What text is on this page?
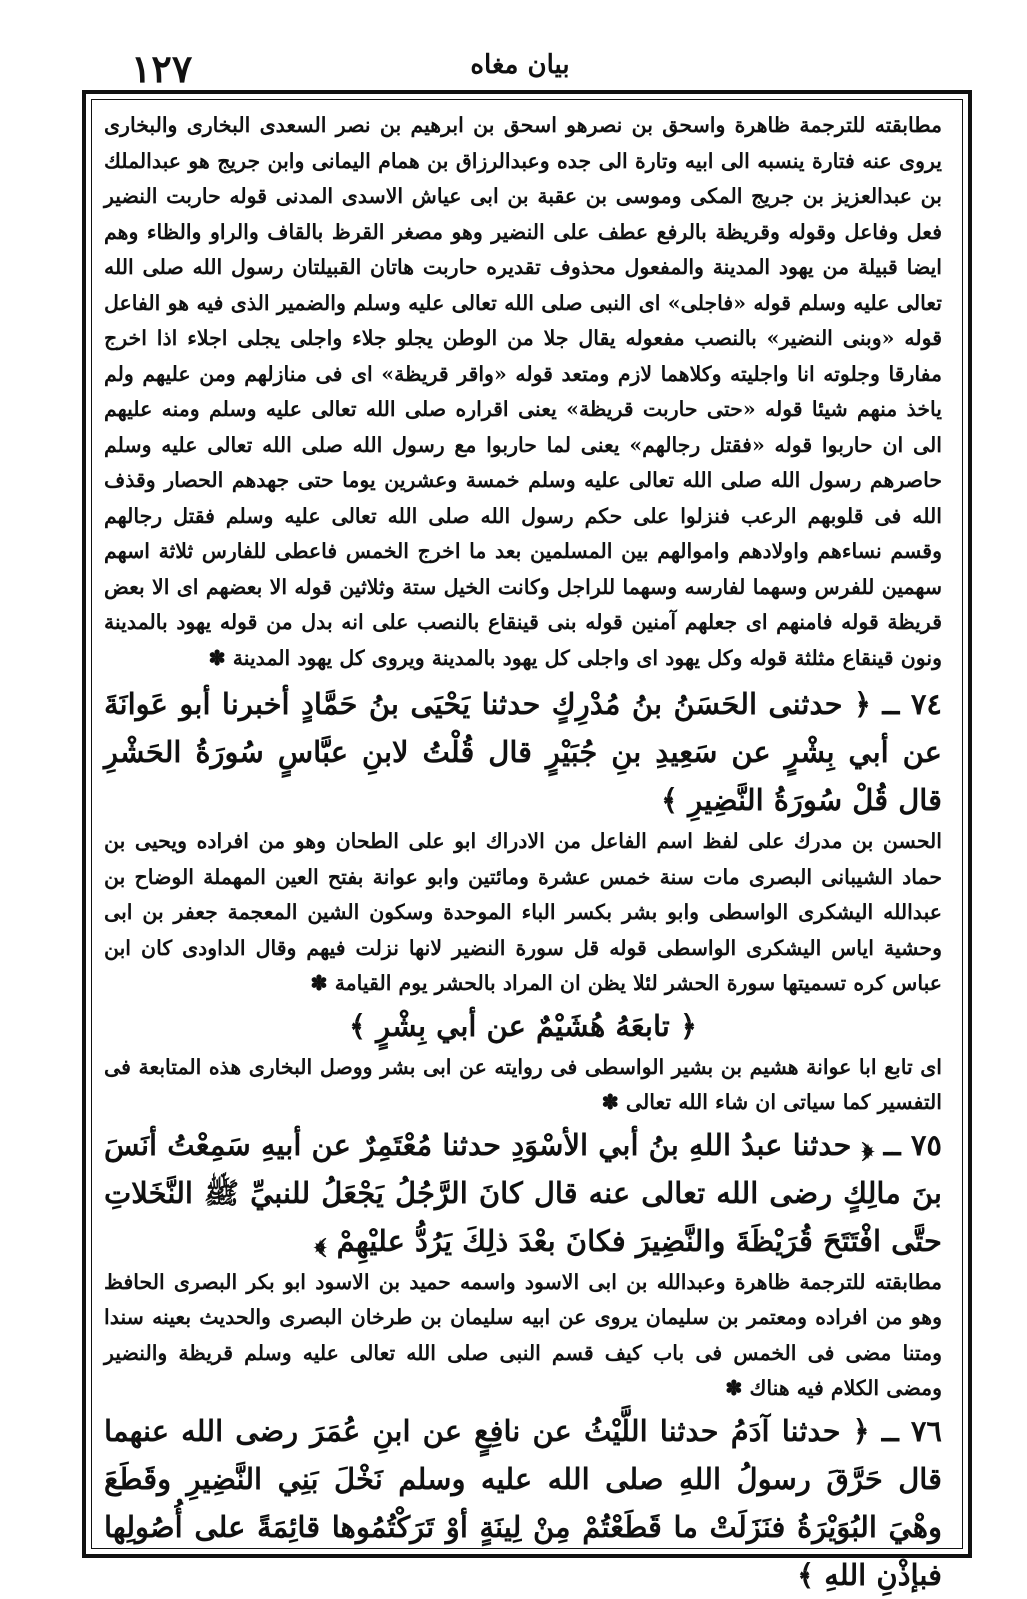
١٢٧	بيان مغاه

مطابقته للترجمة ظاهرة واسحق بن نصرهو اسحق بن ابرهيم بن نصر السعدى البخارى والبخارى يروى عنه فتارة ينسبه الى ابيه وتارة الى جده وعبدالرزاق بن همام اليمانى وابن جريج هو عبدالملك بن عبدالعزيز بن جريج المكى وموسى بن عقبة بن ابى عياش الاسدى المدنى قوله حاربت النضير فعل وفاعل وقوله وقريظة بالرفع عطف على النضير وهو مصغر القرظ بالقاف والراو والظاء وهم ايضا قبيلة من يهود المدينة والمفعول محذوف تقديره حاربت هاتان القبيلتان رسول الله صلى الله تعالى عليه وسلم قوله «فاجلى» اى النبى صلى الله تعالى عليه وسلم والضمير الذى فيه هو الفاعل قوله «وبنى النضير» بالنصب مفعوله يقال جلا من الوطن يجلو جلاء واجلى يجلى اجلاء اذا اخرج مفارقا وجلوته انا واجليته وكلاهما لازم ومتعد قوله «واقر قريظة» اى فى منازلهم ومن عليهم ولم ياخذ منهم شيئا قوله «حتى حاربت قريظة» يعنى اقراره صلى الله تعالى عليه وسلم ومنه عليهم الى ان حاربوا قوله «فقتل رجالهم» يعنى لما حاربوا مع رسول الله صلى الله تعالى عليه وسلم حاصرهم رسول الله صلى الله تعالى عليه وسلم خمسة وعشرين يوما حتى جهدهم الحصار وقذف الله فى قلوبهم الرعب فنزلوا على حكم رسول الله صلى الله تعالى عليه وسلم فقتل رجالهم وقسم نساءهم واولادهم واموالهم بين المسلمين بعد ما اخرج الخمس فاعطى للفارس ثلاثة اسهم سهمين للفرس وسهما لفارسه وسهما للراجل وكانت الخيل ستة وثلاثين قوله الا بعضهم اى الا بعض قريظة قوله فامنهم اى جعلهم آمنين قوله بنى قينقاع بالنصب على انه بدل من قوله يهود بالمدينة ونون قينقاع مثلثة قوله وكل يهود اى واجلى كل يهود بالمدينة ويروى كل يهود المدينة ✽

٧٤ ــ ﴿ حدثنى الحَسَنُ بنُ مُدْرِكٍ حدثنا يَحْيَى بنُ حَمَّادٍ أخبرنا أبو عَوانَةَ عن أبي بِشْرٍ عن سَعِيدِ بنِ جُبَيْرٍ قال قُلْتُ لابنِ عبَّاسٍ سُورَةُ الحَشْرِ قال قُلْ سُورَةُ النَّضِيرِ ﴾

الحسن بن مدرك على لفظ اسم الفاعل من الادراك ابو على الطحان وهو من افراده ويحيى بن حماد الشيبانى البصرى مات سنة خمس عشرة ومائتين وابو عوانة بفتح العين المهملة الوضاح بن عبدالله اليشكرى الواسطى وابو بشر بكسر الباء الموحدة وسكون الشين المعجمة جعفر بن ابى وحشية اياس اليشكرى الواسطى قوله قل سورة النضير لانها نزلت فيهم وقال الداودى كان ابن عباس كره تسميتها سورة الحشر لئلا يظن ان المراد بالحشر يوم القيامة ✽

﴿ تابعَهُ هُشَيْمٌ عن أبي بِشْرٍ ﴾

اى تابع ابا عوانة هشيم بن بشير الواسطى فى روايته عن ابى بشر ووصل البخارى هذه المتابعة فى التفسير كما سياتى ان شاء الله تعالى ✽

٧٥ ــ ﴿ حدثنا عبدُ اللهِ بنُ أبي الأسْوَدِ حدثنا مُعْتَمِرٌ عن أبيهِ سَمِعْتُ أنَسَ بنَ مالِكٍ رضى الله تعالى عنه قال كانَ الرَّجُلُ يَجْعَلُ للنبيِّ ﷺ النَّخَلاتِ حتَّى افْتَتَحَ قُرَيْظَةَ والنَّضِيرَ فكانَ بعْدَ ذلِكَ يَرُدُّ عليْهِمْ ﴾

مطابقته للترجمة ظاهرة وعبدالله بن ابى الاسود واسمه حميد بن الاسود ابو بكر البصرى الحافظ وهو من افراده ومعتمر بن سليمان يروى عن ابيه سليمان بن طرخان البصرى والحديث بعينه سندا ومتنا مضى فى الخمس فى باب كيف قسم النبى صلى الله تعالى عليه وسلم قريظة والنضير ومضى الكلام فيه هناك ✽

٧٦ ــ ﴿ حدثنا آدَمُ حدثنا اللَّيْثُ عن نافِعٍ عن ابنِ عُمَرَ رضى الله عنهما قال حَرَّقَ رسولُ اللهِ صلى الله عليه وسلم نَخْلَ بَنِي النَّضِيرِ وقَطَعَ وهْيَ البُوَيْرَةُ فنَزَلَتْ ما قَطَعْتُمْ مِنْ لِينَةٍ أوْ تَرَكْتُمُوها قائِمَةً على أُصُولِها فبإذْنِ اللهِ ﴾
